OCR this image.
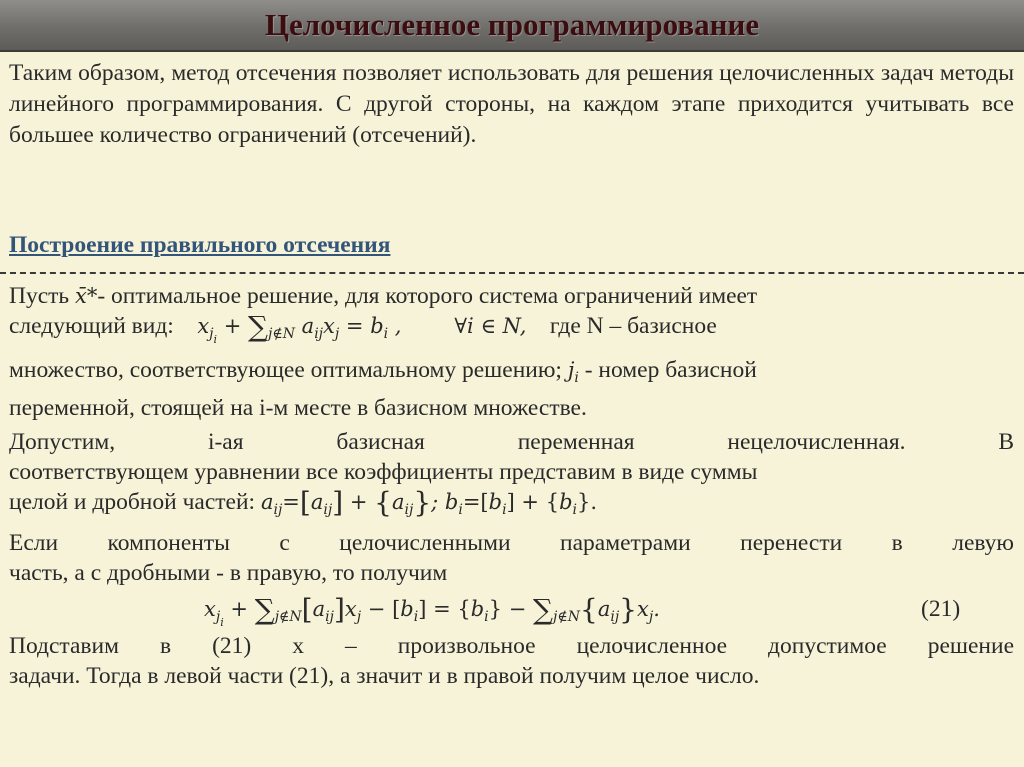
Целочисленное программирование

Таким образом, метод отсечения позволяет использовать для решения целочисленных задач методы линейного программирования. С другой стороны, на каждом этапе приходится учитывать все большее количество ограничений (отсечений).

Построение правильного отсечения
Пусть x̄*- оптимальное решение, для которого система ограничений имеет
следующий вид: $x_{j_i} + \sum_{j\notin N}$ $a_{ij}x_j = b_i$ ,	∀i ∈ N, где N – базисное
множество, соответствующее оптимальному решению; $j_i$ - номер базисной
переменной, стоящей на i-м месте в базисном множестве.
Допустим,	i-ая	базисная	переменная	нецелочисленная.	В
соответствующем уравнении все коэффициенты представим в виде суммы
целой и дробной частей: $a_{ij}=[a_{ij}] + \{a_{ij}\}$; $b_i=[b_i] + \{b_i\}$.
Если компоненты с целочисленными параметрами перенести в левую
часть, а с дробными - в правую, то получим
$x_{j_i} + \sum_{j\notin N}[a_{ij}]x_j - [b_i] = \{b_i\} - \sum_{j\notin N}\{a_{ij}\}x_j$.	(21)
Подставим в (21) x – произвольное целочисленное допустимое решение
задачи. Тогда в левой части (21), а значит и в правой получим целое число.
